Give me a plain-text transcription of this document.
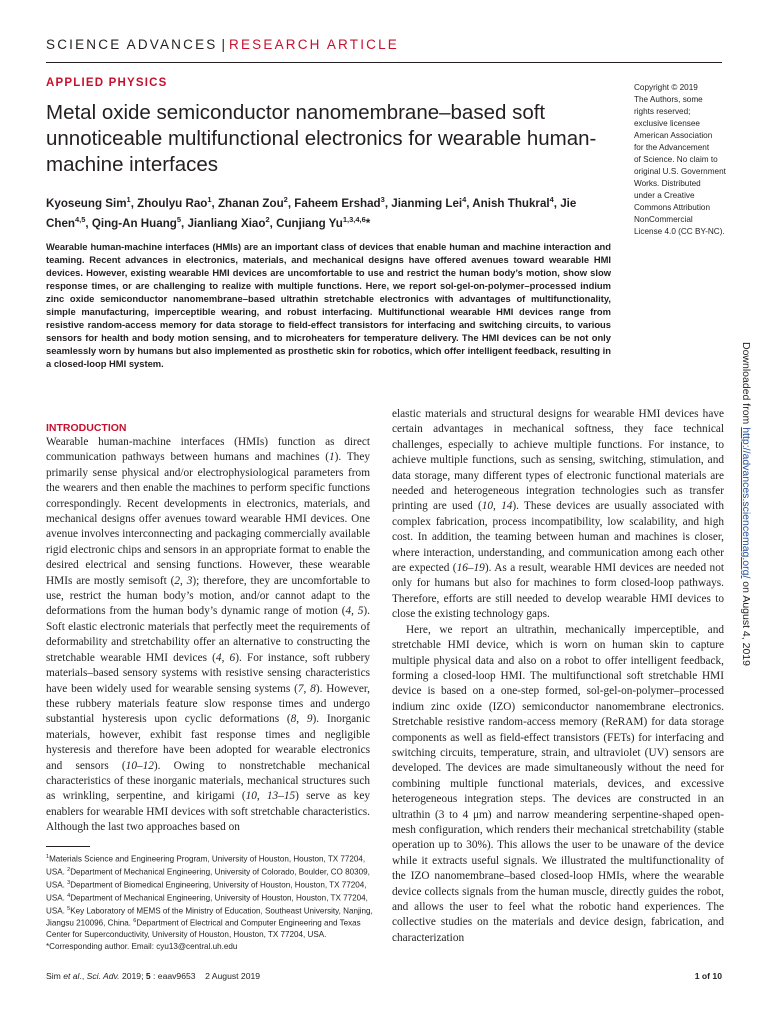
SCIENCE ADVANCES | RESEARCH ARTICLE
APPLIED PHYSICS
Metal oxide semiconductor nanomembrane–based soft unnoticeable multifunctional electronics for wearable human-machine interfaces
Kyoseung Sim$^1$, Zhoulyu Rao$^1$, Zhanan Zou$^2$, Faheem Ershad$^3$, Jianming Lei$^4$, Anish Thukral$^4$, Jie Chen$^{4,5}$, Qing-An Huang$^5$, Jianliang Xiao$^2$, Cunjiang Yu$^{1,3,4,6}$*
Wearable human-machine interfaces (HMIs) are an important class of devices that enable human and machine interaction and teaming. Recent advances in electronics, materials, and mechanical designs have offered avenues toward wearable HMI devices. However, existing wearable HMI devices are uncomfortable to use and restrict the human body’s motion, show slow response times, or are challenging to realize with multiple functions. Here, we report sol-gel-on-polymer–processed indium zinc oxide semiconductor nanomembrane–based ultrathin stretchable electronics with advantages of multifunctionality, simple manufacturing, imperceptible wearing, and robust interfacing. Multifunctional wearable HMI devices range from resistive random-access memory for data storage to field-effect transistors for interfacing and switching circuits, to various sensors for health and body motion sensing, and to microheaters for temperature delivery. The HMI devices can be not only seamlessly worn by humans but also implemented as prosthetic skin for robotics, which offer intelligent feedback, resulting in a closed-loop HMI system.
Copyright © 2019
The Authors, some
rights reserved;
exclusive licensee
American Association
for the Advancement
of Science. No claim to
original U.S. Government
Works. Distributed
under a Creative
Commons Attribution
NonCommercial
License 4.0 (CC BY-NC).
Downloaded from http://advances.sciencemag.org/ on August 4, 2019
INTRODUCTION

Wearable human-machine interfaces (HMIs) function as direct communication pathways between humans and machines (1). They primarily sense physical and/or electrophysiological parameters from the wearers and then enable the machines to perform specific functions correspondingly. Recent developments in electronics, materials, and mechanical designs offer avenues toward wearable HMI devices. One avenue involves interconnecting and packaging commercially available rigid electronic chips and sensors in an appropriate format to enable the desired electrical and sensing functions. However, these wearable HMIs are mostly semisoft (2, 3); therefore, they are uncomfortable to use, restrict the human body’s motion, and/or cannot adapt to the deformations from the human body’s dynamic range of motion (4, 5). Soft elastic electronic materials that perfectly meet the requirements of deformability and stretchability offer an alternative to constructing the stretchable wearable HMI devices (4, 6). For instance, soft rubbery materials–based sensory systems with resistive sensing characteristics have been widely used for wearable sensing systems (7, 8). However, these rubbery materials feature slow response times and undergo substantial hysteresis upon cyclic deformations (8, 9). Inorganic materials, however, exhibit fast response times and negligible hysteresis and therefore have been adopted for wearable electronics and sensors (10–12). Owing to nonstretchable mechanical characteristics of these inorganic materials, mechanical structures such as wrinkling, serpentine, and kirigami (10, 13–15) serve as key enablers for wearable HMI devices with soft stretchable characteristics. Although the last two approaches based on

elastic materials and structural designs for wearable HMI devices have certain advantages in mechanical softness, they face technical challenges, especially to achieve multiple functions. For instance, to achieve multiple functions, such as sensing, switching, stimulation, and data storage, many different types of electronic functional materials are needed and heterogeneous integration technologies such as transfer printing are used (10, 14). These devices are usually associated with complex fabrication, process incompatibility, low scalability, and high cost. In addition, the teaming between human and machines is closer, where interaction, understanding, and communication among each other are expected (16–19). As a result, wearable HMI devices are needed not only for humans but also for machines to form closed-loop pathways. Therefore, efforts are still needed to develop wearable HMI devices to close the existing technology gaps.

Here, we report an ultrathin, mechanically imperceptible, and stretchable HMI device, which is worn on human skin to capture multiple physical data and also on a robot to offer intelligent feedback, forming a closed-loop HMI. The multifunctional soft stretchable HMI device is based on a one-step formed, sol-gel-on-polymer–processed indium zinc oxide (IZO) semiconductor nanomembrane electronics. Stretchable resistive random-access memory (ReRAM) for data storage components as well as field-effect transistors (FETs) for interfacing and switching circuits, temperature, strain, and ultraviolet (UV) sensors are developed. The devices are made simultaneously without the need for combining multiple functional materials, devices, and excessive heterogeneous integration steps. The devices are constructed in an ultrathin (3 to 4 μm) and narrow meandering serpentine-shaped open-mesh configuration, which renders their mechanical stretchability (stable operation up to 30%). This allows the user to be unaware of the device while it extracts useful signals. We illustrated the multifunctionality of the IZO nanomembrane–based closed-loop HMIs, where the wearable device collects signals from the human muscle, directly guides the robot, and allows the user to feel what the robotic hand experiences. The collective studies on the materials and device design, fabrication, and characterization

$^1$Materials Science and Engineering Program, University of Houston, Houston, TX 77204, USA. $^2$Department of Mechanical Engineering, University of Colorado, Boulder, CO 80309, USA. $^3$Department of Biomedical Engineering, University of Houston, Houston, TX 77204, USA. $^4$Department of Mechanical Engineering, University of Houston, Houston, TX 77204, USA. $^5$Key Laboratory of MEMS of the Ministry of Education, Southeast University, Nanjing, Jiangsu 210096, China. $^6$Department of Electrical and Computer Engineering and Texas Center for Superconductivity, University of Houston, Houston, TX 77204, USA.
*Corresponding author. Email: cyu13@central.uh.edu
Sim et al., Sci. Adv. 2019; 5 : eaav9653    2 August 2019	1 of 10
